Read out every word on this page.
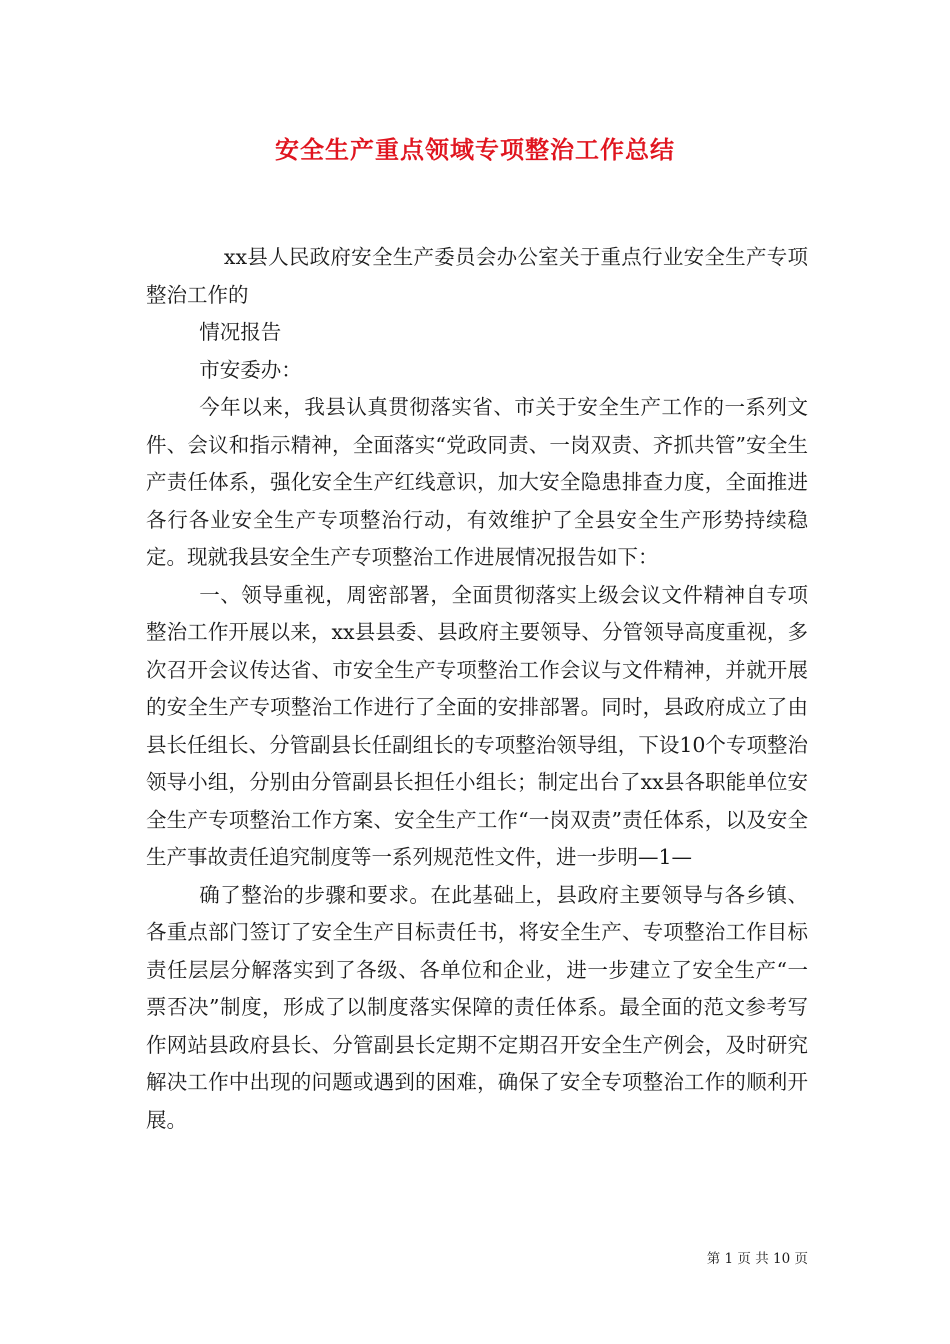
安全生产重点领域专项整治工作总结

xx县人民政府安全生产委员会办公室关于重点行业安全生产专项整治工作的

情况报告

市安委办：

今年以来，我县认真贯彻落实省、市关于安全生产工作的一系列文件、会议和指示精神，全面落实“党政同责、一岗双责、齐抓共管”安全生产责任体系，强化安全生产红线意识，加大安全隐患排查力度，全面推进各行各业安全生产专项整治行动，有效维护了全县安全生产形势持续稳定。现就我县安全生产专项整治工作进展情况报告如下：

一、领导重视，周密部署，全面贯彻落实上级会议文件精神自专项整治工作开展以来，xx县县委、县政府主要领导、分管领导高度重视，多次召开会议传达省、市安全生产专项整治工作会议与文件精神，并就开展的安全生产专项整治工作进行了全面的安排部署。同时，县政府成立了由县长任组长、分管副县长任副组长的专项整治领导组，下设10个专项整治领导小组，分别由分管副县长担任小组长；制定出台了xx县各职能单位安全生产专项整治工作方案、安全生产工作“一岗双责”责任体系，以及安全生产事故责任追究制度等一系列规范性文件，进一步明—1—

确了整治的步骤和要求。在此基础上，县政府主要领导与各乡镇、各重点部门签订了安全生产目标责任书，将安全生产、专项整治工作目标责任层层分解落实到了各级、各单位和企业，进一步建立了安全生产“一票否决”制度，形成了以制度落实保障的责任体系。最全面的范文参考写作网站县政府县长、分管副县长定期不定期召开安全生产例会，及时研究解决工作中出现的问题或遇到的困难，确保了安全专项整治工作的顺利开展。

第 1 页 共 10 页
